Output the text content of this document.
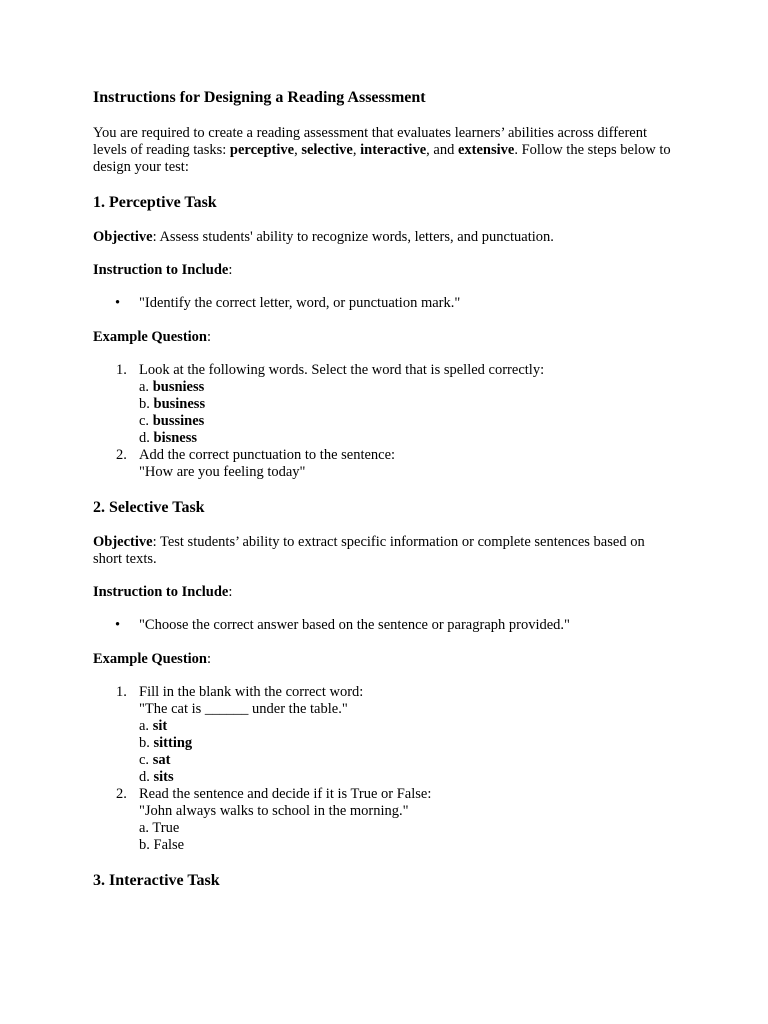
Instructions for Designing a Reading Assessment

You are required to create a reading assessment that evaluates learners’ abilities across different levels of reading tasks: perceptive, selective, interactive, and extensive. Follow the steps below to design your test:

1. Perceptive Task

Objective: Assess students' ability to recognize words, letters, and punctuation.

Instruction to Include:

• "Identify the correct letter, word, or punctuation mark."

Example Question:

1. Look at the following words. Select the word that is spelled correctly:
a. busniess
b. business
c. bussines
d. bisness
2. Add the correct punctuation to the sentence:
"How are you feeling today"
2. Selective Task

Objective: Test students’ ability to extract specific information or complete sentences based on short texts.

Instruction to Include:

• "Choose the correct answer based on the sentence or paragraph provided."

Example Question:

1. Fill in the blank with the correct word:
"The cat is ______ under the table."
a. sit
b. sitting
c. sat
d. sits
2. Read the sentence and decide if it is True or False:
"John always walks to school in the morning."
a. True
b. False
3. Interactive Task
